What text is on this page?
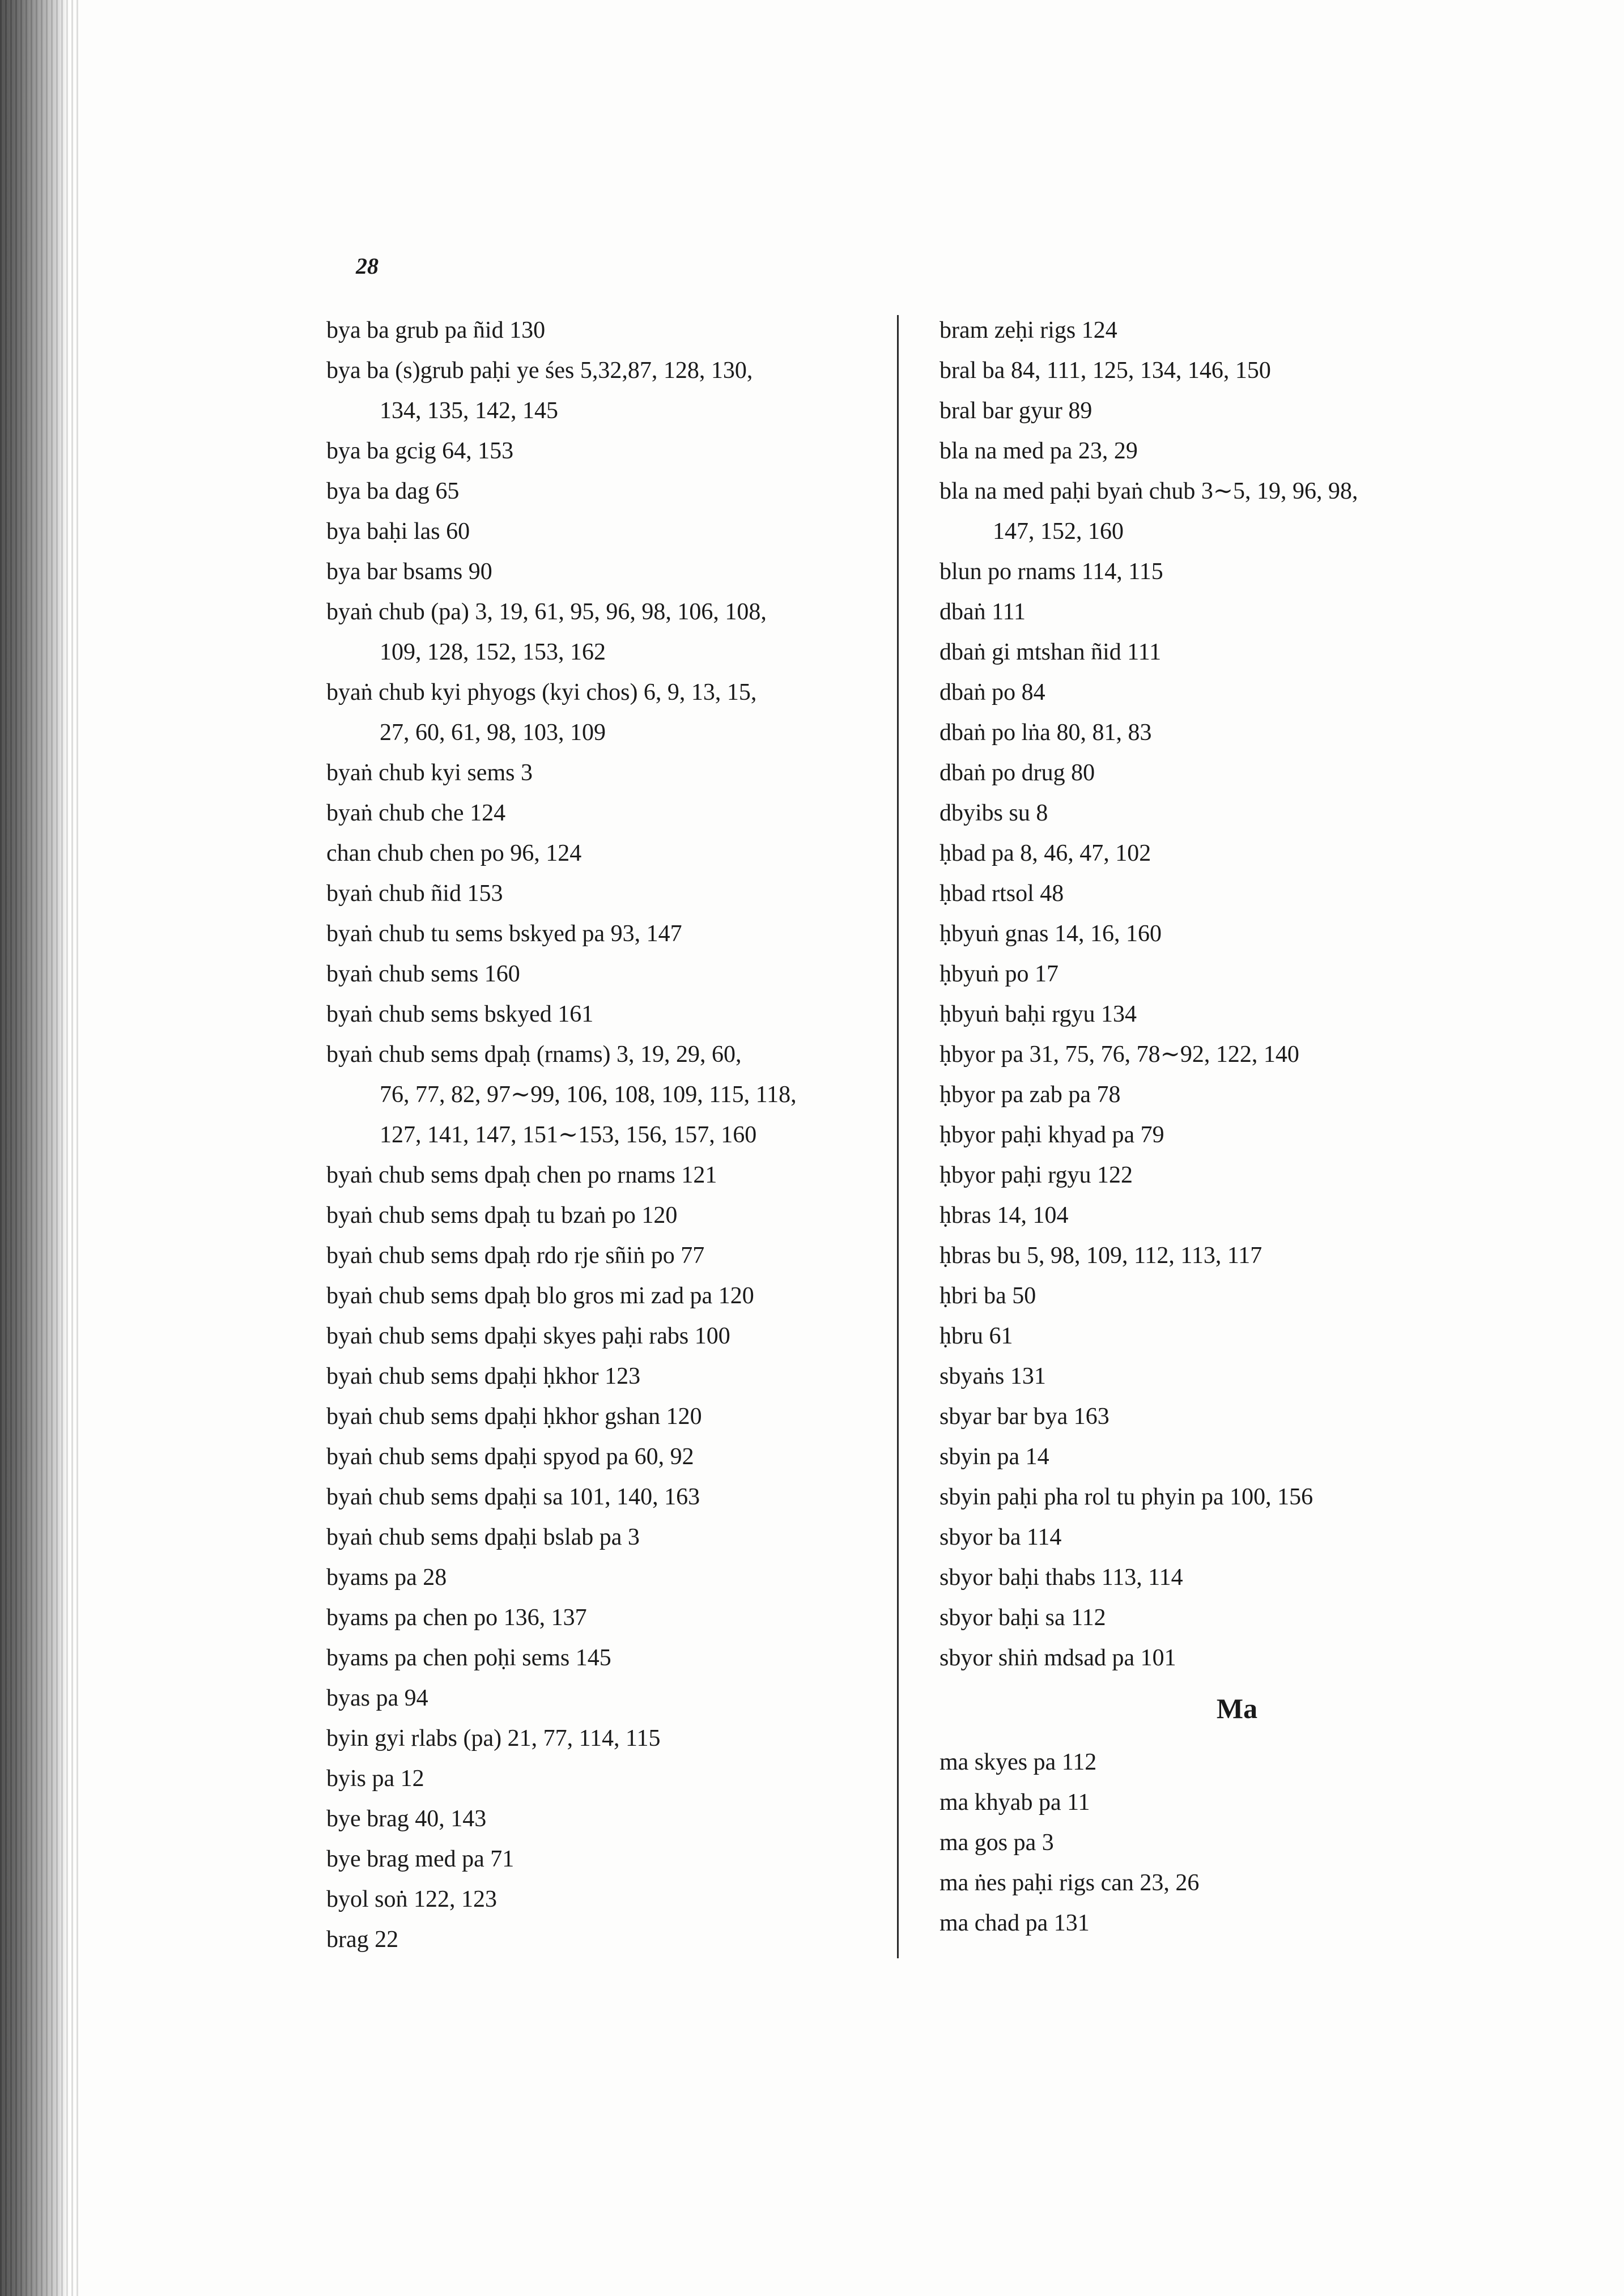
28
bya ba grub pa ñid 130
bya ba (s)grub paḥi ye śes 5,32,87, 128, 130,
134, 135, 142, 145
bya ba gcig 64, 153
bya ba dag 65
bya baḥi las 60
bya bar bsams 90
byaṅ chub (pa) 3, 19, 61, 95, 96, 98, 106, 108,
109, 128, 152, 153, 162
byaṅ chub kyi phyogs (kyi chos) 6, 9, 13, 15,
27, 60, 61, 98, 103, 109
byaṅ chub kyi sems 3
byaṅ chub che 124
chan chub chen po 96, 124
byaṅ chub ñid 153
byaṅ chub tu sems bskyed pa 93, 147
byaṅ chub sems 160
byaṅ chub sems bskyed 161
byaṅ chub sems dpaḥ (rnams) 3, 19, 29, 60,
76, 77, 82, 97∼99, 106, 108, 109, 115, 118,
127, 141, 147, 151∼153, 156, 157, 160
byaṅ chub sems dpaḥ chen po rnams 121
byaṅ chub sems dpaḥ tu bzaṅ po 120
byaṅ chub sems dpaḥ rdo rje sñiṅ po 77
byaṅ chub sems dpaḥ blo gros mi zad pa 120
byaṅ chub sems dpaḥi skyes paḥi rabs 100
byaṅ chub sems dpaḥi ḥkhor 123
byaṅ chub sems dpaḥi ḥkhor gshan 120
byaṅ chub sems dpaḥi spyod pa 60, 92
byaṅ chub sems dpaḥi sa 101, 140, 163
byaṅ chub sems dpaḥi bslab pa 3
byams pa 28
byams pa chen po 136, 137
byams pa chen poḥi sems 145
byas pa 94
byin gyi rlabs (pa) 21, 77, 114, 115
byis pa 12
bye brag 40, 143
bye brag med pa 71
byol soṅ 122, 123
brag 22
bram zeḥi rigs 124
bral ba 84, 111, 125, 134, 146, 150
bral bar gyur 89
bla na med pa 23, 29
bla na med paḥi byaṅ chub 3∼5, 19, 96, 98,
147, 152, 160
blun po rnams 114, 115
dbaṅ 111
dbaṅ gi mtshan ñid 111
dbaṅ po 84
dbaṅ po lṅa 80, 81, 83
dbaṅ po drug 80
dbyibs su 8
ḥbad pa 8, 46, 47, 102
ḥbad rtsol 48
ḥbyuṅ gnas 14, 16, 160
ḥbyuṅ po 17
ḥbyuṅ baḥi rgyu 134
ḥbyor pa 31, 75, 76, 78∼92, 122, 140
ḥbyor pa zab pa 78
ḥbyor paḥi khyad pa 79
ḥbyor paḥi rgyu 122
ḥbras 14, 104
ḥbras bu 5, 98, 109, 112, 113, 117
ḥbri ba 50
ḥbru 61
sbyaṅs 131
sbyar bar bya 163
sbyin pa 14
sbyin paḥi pha rol tu phyin pa 100, 156
sbyor ba 114
sbyor baḥi thabs 113, 114
sbyor baḥi sa 112
sbyor shiṅ mdsad pa 101
Ma
ma skyes pa 112
ma khyab pa 11
ma gos pa 3
ma ṅes paḥi rigs can 23, 26
ma chad pa 131
